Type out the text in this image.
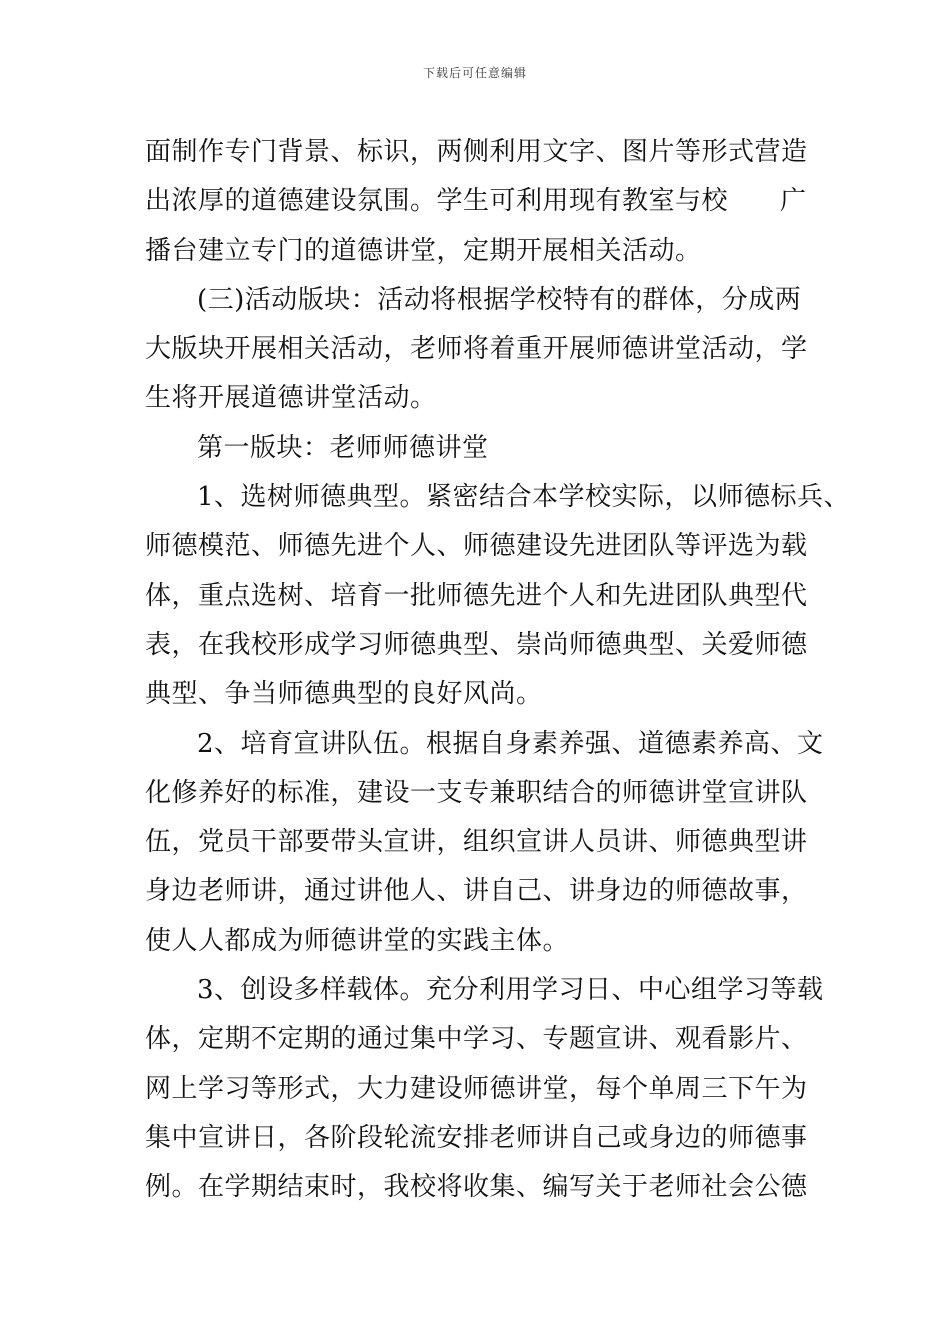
下载后可任意编辑
面制作专门背景、标识，两侧利用文字、图片等形式营造
出浓厚的道德建设氛围。学生可利用现有教室与校 广
播台建立专门的道德讲堂，定期开展相关活动。
(三)活动版块：活动将根据学校特有的群体，分成两
大版块开展相关活动，老师将着重开展师德讲堂活动，学
生将开展道德讲堂活动。
第一版块：老师师德讲堂
1、选树师德典型。紧密结合本学校实际，以师德标兵、
师德模范、师德先进个人、师德建设先进团队等评选为载
体，重点选树、培育一批师德先进个人和先进团队典型代
表，在我校形成学习师德典型、崇尚师德典型、关爱师德
典型、争当师德典型的良好风尚。
2、培育宣讲队伍。根据自身素养强、道德素养高、文
化修养好的标准，建设一支专兼职结合的师德讲堂宣讲队
伍，党员干部要带头宣讲，组织宣讲人员讲、师德典型讲
身边老师讲，通过讲他人、讲自己、讲身边的师德故事，
使人人都成为师德讲堂的实践主体。
3、创设多样载体。充分利用学习日、中心组学习等载
体，定期不定期的通过集中学习、专题宣讲、观看影片、
网上学习等形式，大力建设师德讲堂，每个单周三下午为
集中宣讲日，各阶段轮流安排老师讲自己或身边的师德事
例。在学期结束时，我校将收集、编写关于老师社会公德
